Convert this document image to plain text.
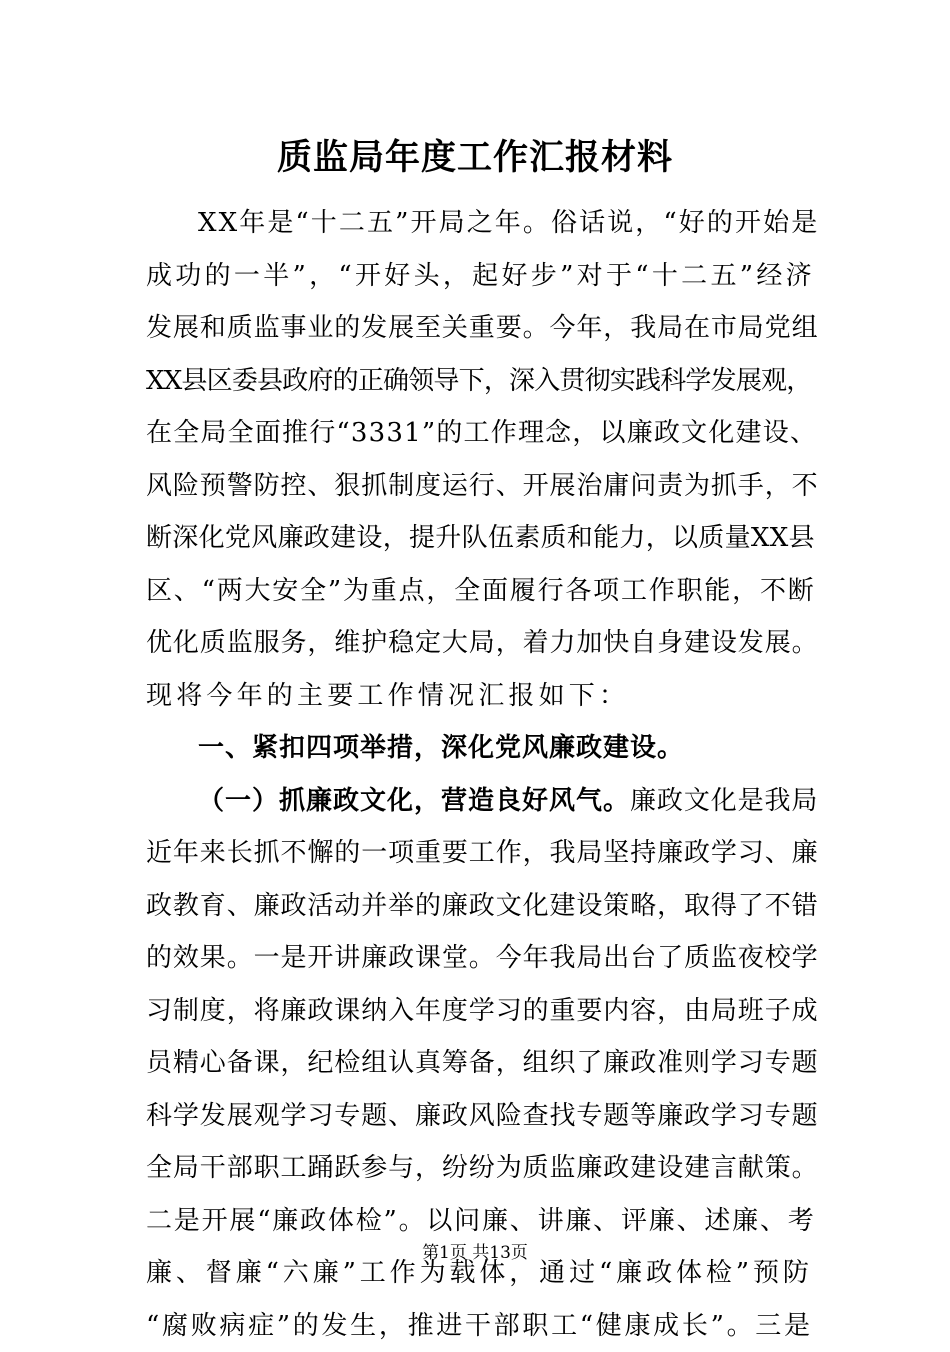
质监局年度工作汇报材料
XX年是“十二五”开局之年。俗话说，“好的开始是
成功的一半”，“开好头，起好步”对于“十二五”经济
发展和质监事业的发展至关重要。今年，我局在市局党组
XX县区委县政府的正确领导下，深入贯彻实践科学发展观，
在全局全面推行“3331”的工作理念，以廉政文化建设、
风险预警防控、狠抓制度运行、开展治庸问责为抓手，不
断深化党风廉政建设，提升队伍素质和能力，以质量XX县
区、“两大安全”为重点，全面履行各项工作职能，不断
优化质监服务，维护稳定大局，着力加快自身建设发展。
现将今年的主要工作情况汇报如下：
一、紧扣四项举措，深化党风廉政建设。
（一）抓廉政文化，营造良好风气。廉政文化是我局
近年来长抓不懈的一项重要工作，我局坚持廉政学习、廉
政教育、廉政活动并举的廉政文化建设策略，取得了不错
的效果。一是开讲廉政课堂。今年我局出台了质监夜校学
习制度，将廉政课纳入年度学习的重要内容，由局班子成
员精心备课，纪检组认真筹备，组织了廉政准则学习专题
科学发展观学习专题、廉政风险查找专题等廉政学习专题
全局干部职工踊跃参与，纷纷为质监廉政建设建言献策。
二是开展“廉政体检”。以问廉、讲廉、评廉、述廉、考
廉、督廉“六廉”工作为载体，通过“廉政体检”预防
“腐败病症”的发生，推进干部职工“健康成长”。三是
第1页 共13页
